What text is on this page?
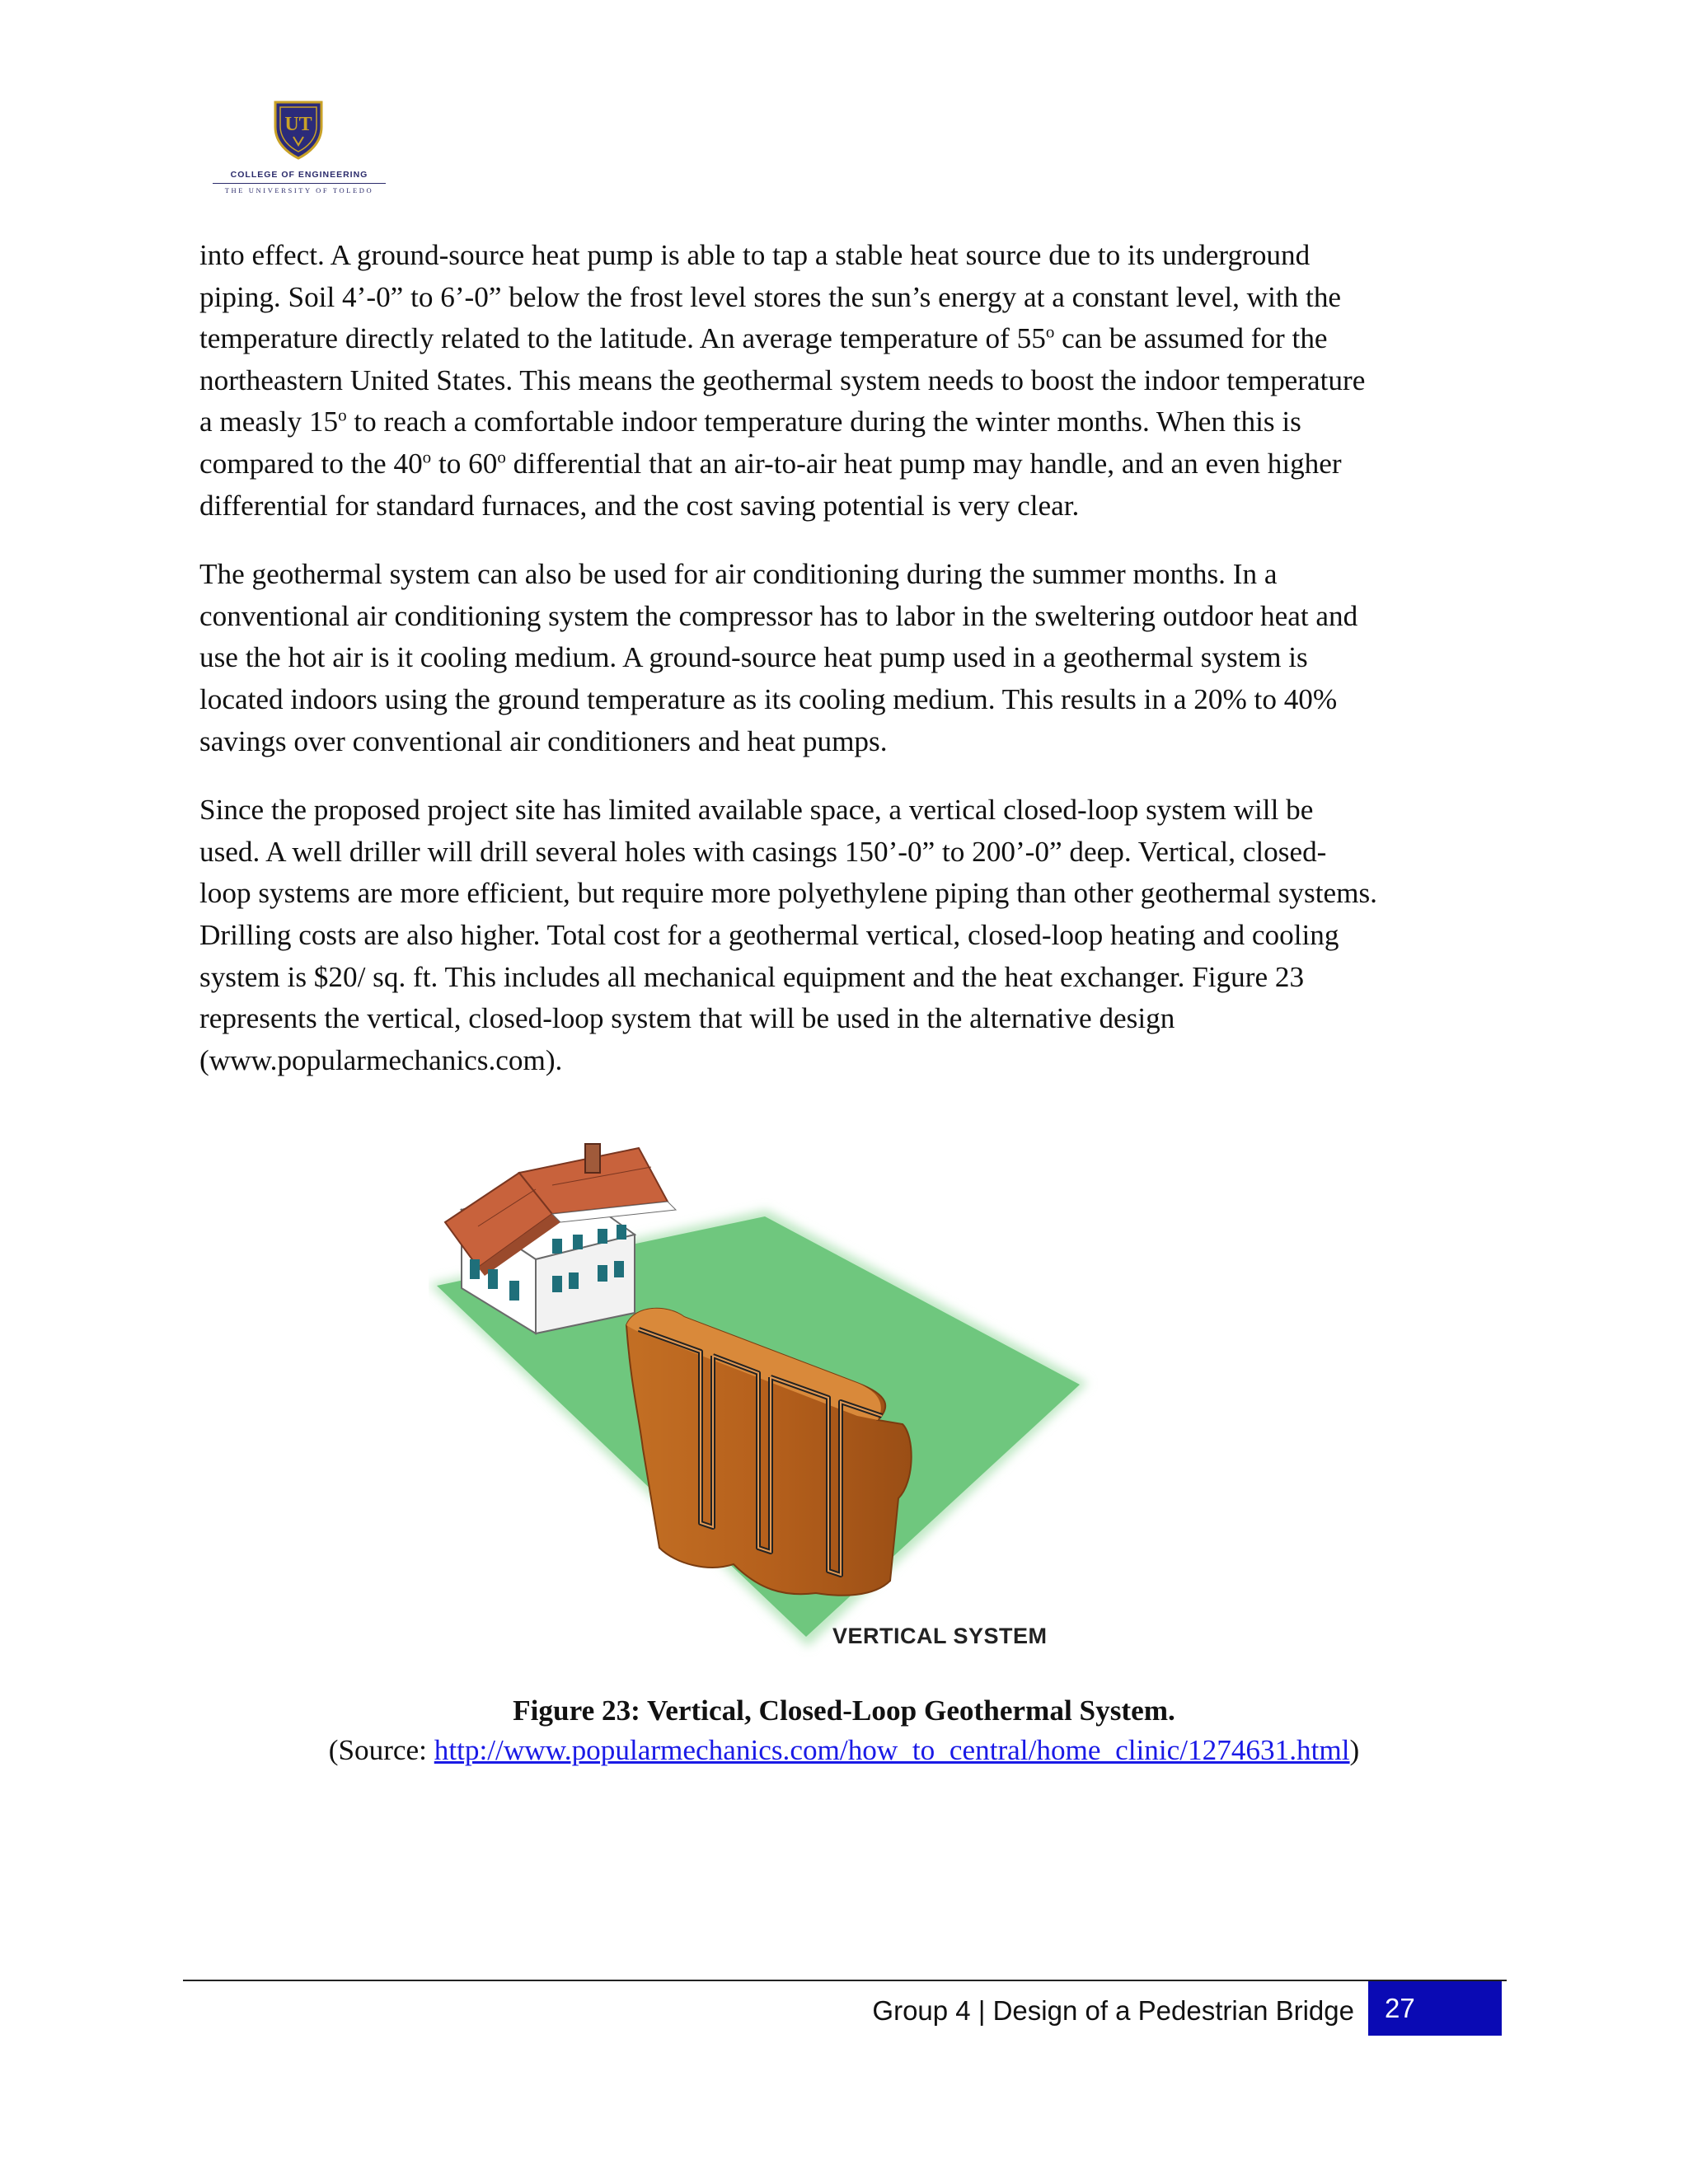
UT
COLLEGE OF ENGINEERING
THE UNIVERSITY OF TOLEDO

into effect. A ground-source heat pump is able to tap a stable heat source due to its underground
piping. Soil 4’-0” to 6’-0” below the frost level stores the sun’s energy at a constant level, with the
temperature directly related to the latitude. An average temperature of 55$^o$ can be assumed for the
northeastern United States. This means the geothermal system needs to boost the indoor temperature
a measly 15$^o$ to reach a comfortable indoor temperature during the winter months. When this is
compared to the 40$^o$ to 60$^o$ differential that an air-to-air heat pump may handle, and an even higher
differential for standard furnaces, and the cost saving potential is very clear.

The geothermal system can also be used for air conditioning during the summer months. In a
conventional air conditioning system the compressor has to labor in the sweltering outdoor heat and
use the hot air is it cooling medium. A ground-source heat pump used in a geothermal system is
located indoors using the ground temperature as its cooling medium. This results in a 20% to 40%
savings over conventional air conditioners and heat pumps.

Since the proposed project site has limited available space, a vertical closed-loop system will be
used. A well driller will drill several holes with casings 150’-0” to 200’-0” deep. Vertical, closed-
loop systems are more efficient, but require more polyethylene piping than other geothermal systems.
Drilling costs are also higher. Total cost for a geothermal vertical, closed-loop heating and cooling
system is $20/ sq. ft. This includes all mechanical equipment and the heat exchanger. Figure 23
represents the vertical, closed-loop system that will be used in the alternative design
(www.popularmechanics.com).

VERTICAL SYSTEM
Figure 23: Vertical, Closed-Loop Geothermal System.
(Source: http://www.popularmechanics.com/how_to_central/home_clinic/1274631.html)
Group 4 | Design of a Pedestrian Bridge	27
